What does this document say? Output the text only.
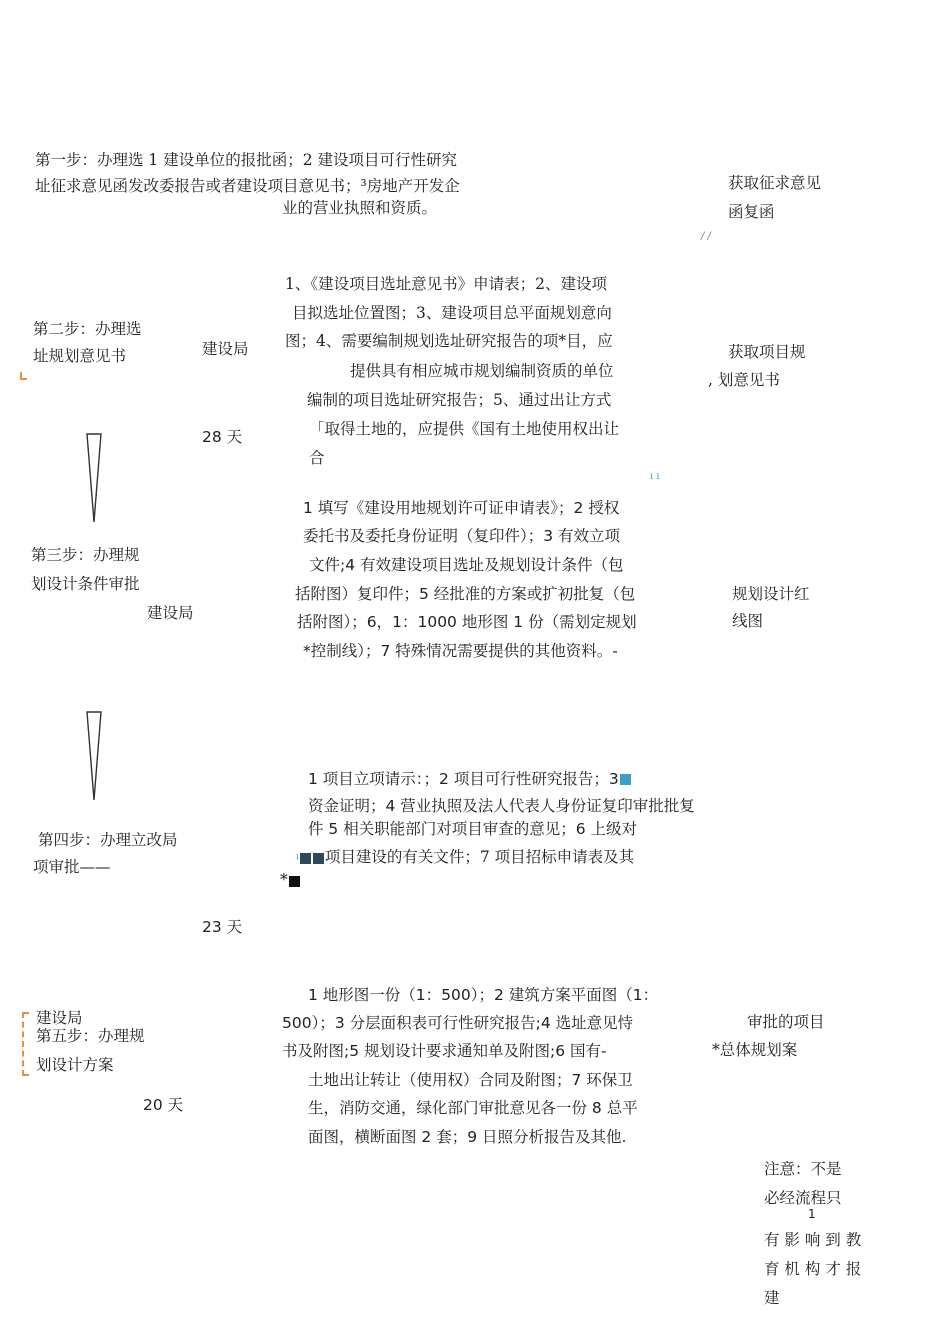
第一步：办理选 1 建设单位的报批函；2 建设项目可行性研究
址征求意见函发改委报告或者建设项目意见书；³房地产开发企
业的营业执照和资质。
获取征求意见
函复函
/ /
第二步：办理选
址规划意见书	建设局
28 天
1、《建设项目选址意见书》申请表；2、建设项
目拟选址位置图；3、建设项目总平面规划意向
图；4、需要编制规划选址研究报告的项*目，应
提供具有相应城市规划编制资质的单位
编制的项目选址研究报告；5、通过出让方式
「取得土地的，应提供《国有土地使用权出让
合
获取项目规
, 划意见书
ı ı
第三步：办理规
划设计条件审批
建设局
1 填写《建设用地规划许可证申请表》；2 授权
委托书及委托身份证明（复印件）；3 有效立项
文件;4 有效建设项目选址及规划设计条件（包
括附图）复印件；5 经批准的方案或扩初批复（包
括附图）；6，1：1000 地形图 1 份（需划定规划
*控制线）；7 特殊情况需要提供的其他资料。-
规划设计红
线图
第四步：办理立改局
项审批——
23 天
1 项目立项请示：；2 项目可行性研究报告；3
资金证明；4 营业执照及法人代表人身份证复印审批批复
件 5 相关职能部门对项目审查的意见；6 上级对
$^ı$ 项目建设的有关文件；7 项目招标申请表及其
*
建设局
第五步：办理规
划设计方案
20 天
1 地形图一份（1：500）；2 建筑方案平面图（1：
500）；3 分层面积表可行性研究报告;4 选址意见恃
书及附图;5 规划设计要求通知单及附图;6 国有-
土地出让转让（使用权）合同及附图；7 环保卫
生，消防交通，绿化部门审批意见各一份 8 总平
面图，横断面图 2 套；9 日照分析报告及其他.
审批的项目
*总体规划案
注意：不是
必经流程只
1
有 影 响 到 教
育 机 构 才 报
建
